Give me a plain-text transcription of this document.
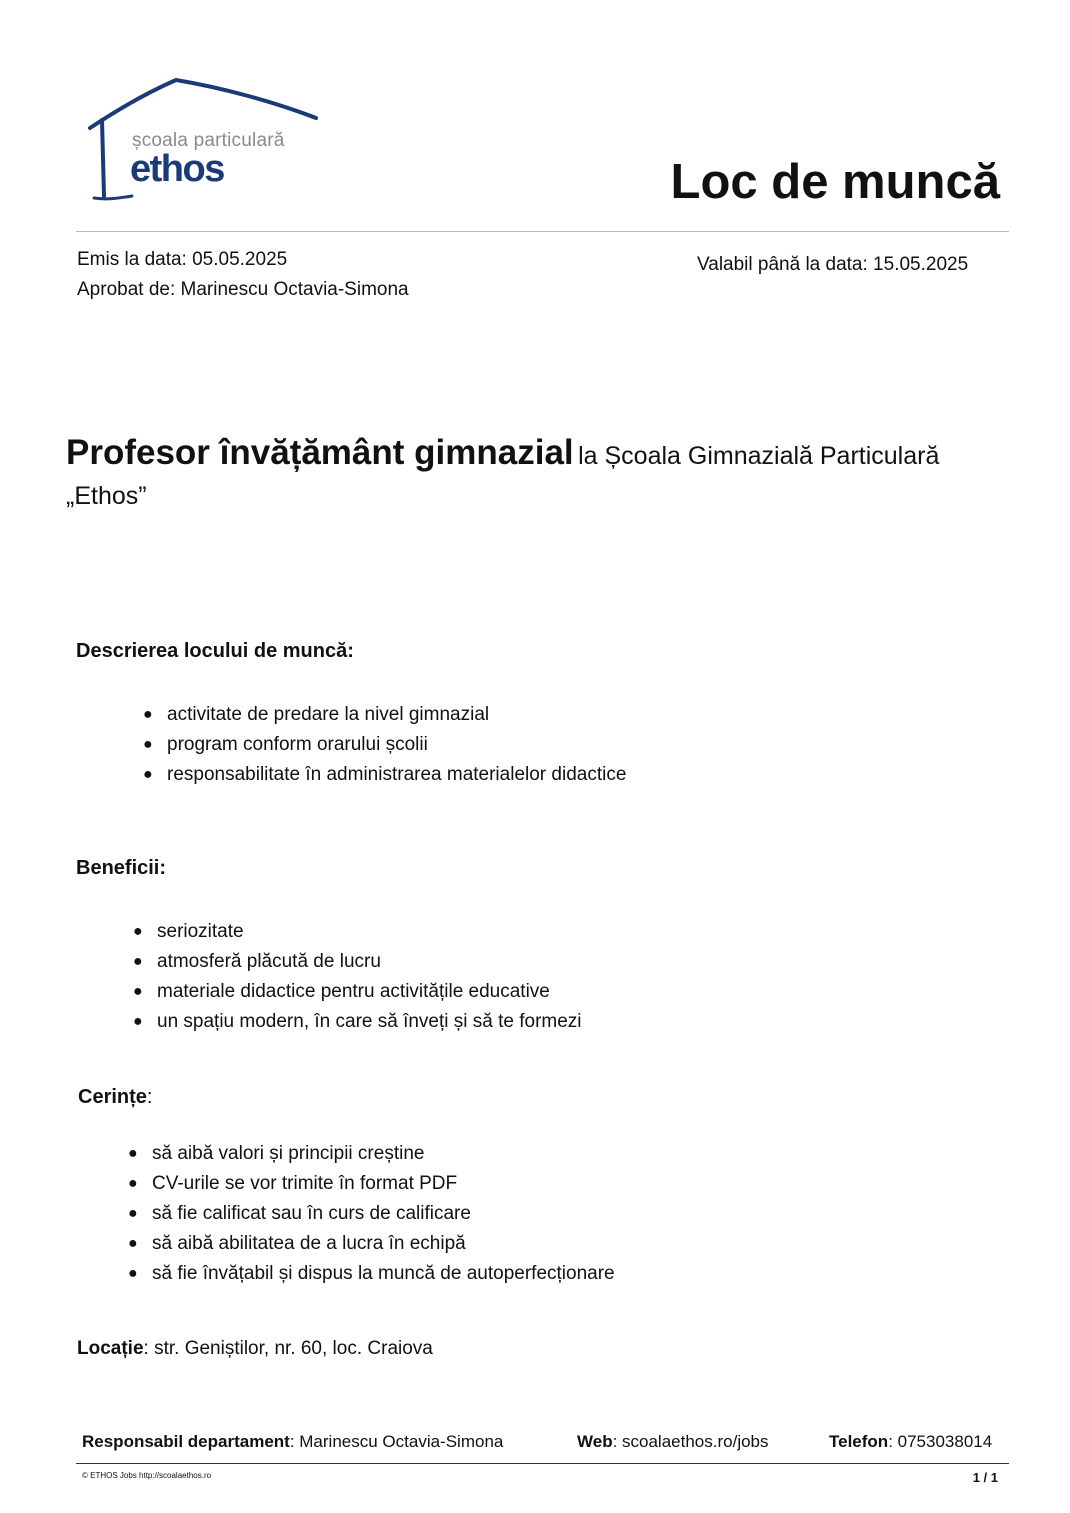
școala particulară
ethos	Loc de muncă
Emis la data: 05.05.2025
Aprobat de: Marinescu Octavia-Simona
Valabil până la data: 15.05.2025
Profesor învățământ gimnazial la Școala Gimnazială Particulară „Ethos”
Descrierea locului de muncă:
● activitate de predare la nivel gimnazial
● program conform orarului școlii
● responsabilitate în administrarea materialelor didactice
Beneficii:
● seriozitate
● atmosferă plăcută de lucru
● materiale didactice pentru activitățile educative
● un spațiu modern, în care să înveți și să te formezi
Cerințe:
● să aibă valori și principii creștine
● CV-urile se vor trimite în format PDF
● să fie calificat sau în curs de calificare
● să aibă abilitatea de a lucra în echipă
● să fie învățabil și dispus la muncă de autoperfecționare
Locație: str. Geniștilor, nr. 60, loc. Craiova
Responsabil departament: Marinescu Octavia-Simona	Web: scoalaethos.ro/jobs	Telefon: 0753038014
© ETHOS Jobs http://scoalaethos.ro	1 / 1
